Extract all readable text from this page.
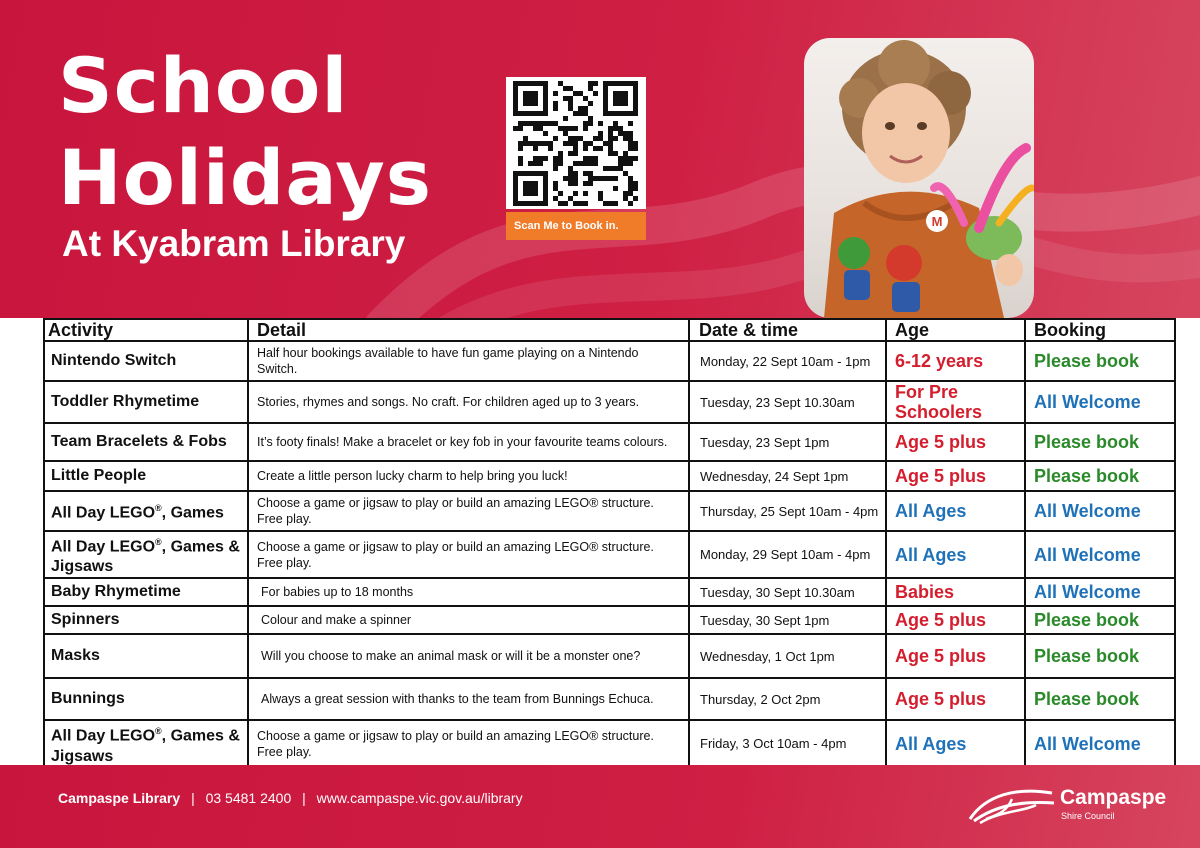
School
Holidays
At Kyabram Library	Scan Me to Book in.	M
Activity	Detail	Date & time	Age	Booking
Nintendo Switch	Half hour bookings available to have fun game playing on a Nintendo Switch.	Monday, 22 Sept 10am - 1pm	6-12 years	Please book
Toddler Rhymetime	Stories, rhymes and songs. No craft. For children aged up to 3 years.	Tuesday, 23 Sept 10.30am	For Pre Schoolers	All Welcome
Team Bracelets & Fobs	It’s footy finals! Make a bracelet or key fob in your favourite teams colours.	Tuesday, 23 Sept 1pm	Age 5 plus	Please book
Little People	Create a little person lucky charm to help bring you luck!	Wednesday, 24 Sept 1pm	Age 5 plus	Please book
All Day LEGO®, Games	Choose a game or jigsaw to play or build an amazing LEGO® structure. Free play.	Thursday, 25 Sept 10am - 4pm	All Ages	All Welcome
All Day LEGO®, Games & Jigsaws	Choose a game or jigsaw to play or build an amazing LEGO® structure. Free play.	Monday, 29 Sept 10am - 4pm	All Ages	All Welcome
Baby Rhymetime	For babies up to 18 months	Tuesday, 30 Sept 10.30am	Babies	All Welcome
Spinners	Colour and make a spinner	Tuesday, 30 Sept 1pm	Age 5 plus	Please book
Masks	Will you choose to make an animal mask or will it be a monster one?	Wednesday, 1 Oct 1pm	Age 5 plus	Please book
Bunnings	Always a great session with thanks to the team from Bunnings Echuca.	Thursday, 2 Oct 2pm	Age 5 plus	Please book
All Day LEGO®, Games & Jigsaws	Choose a game or jigsaw to play or build an amazing LEGO® structure. Free play.	Friday, 3 Oct 10am - 4pm	All Ages	All Welcome
Campaspe Library | 03 5481 2400 | www.campaspe.vic.gov.au/library	Campaspe
Shire Council
